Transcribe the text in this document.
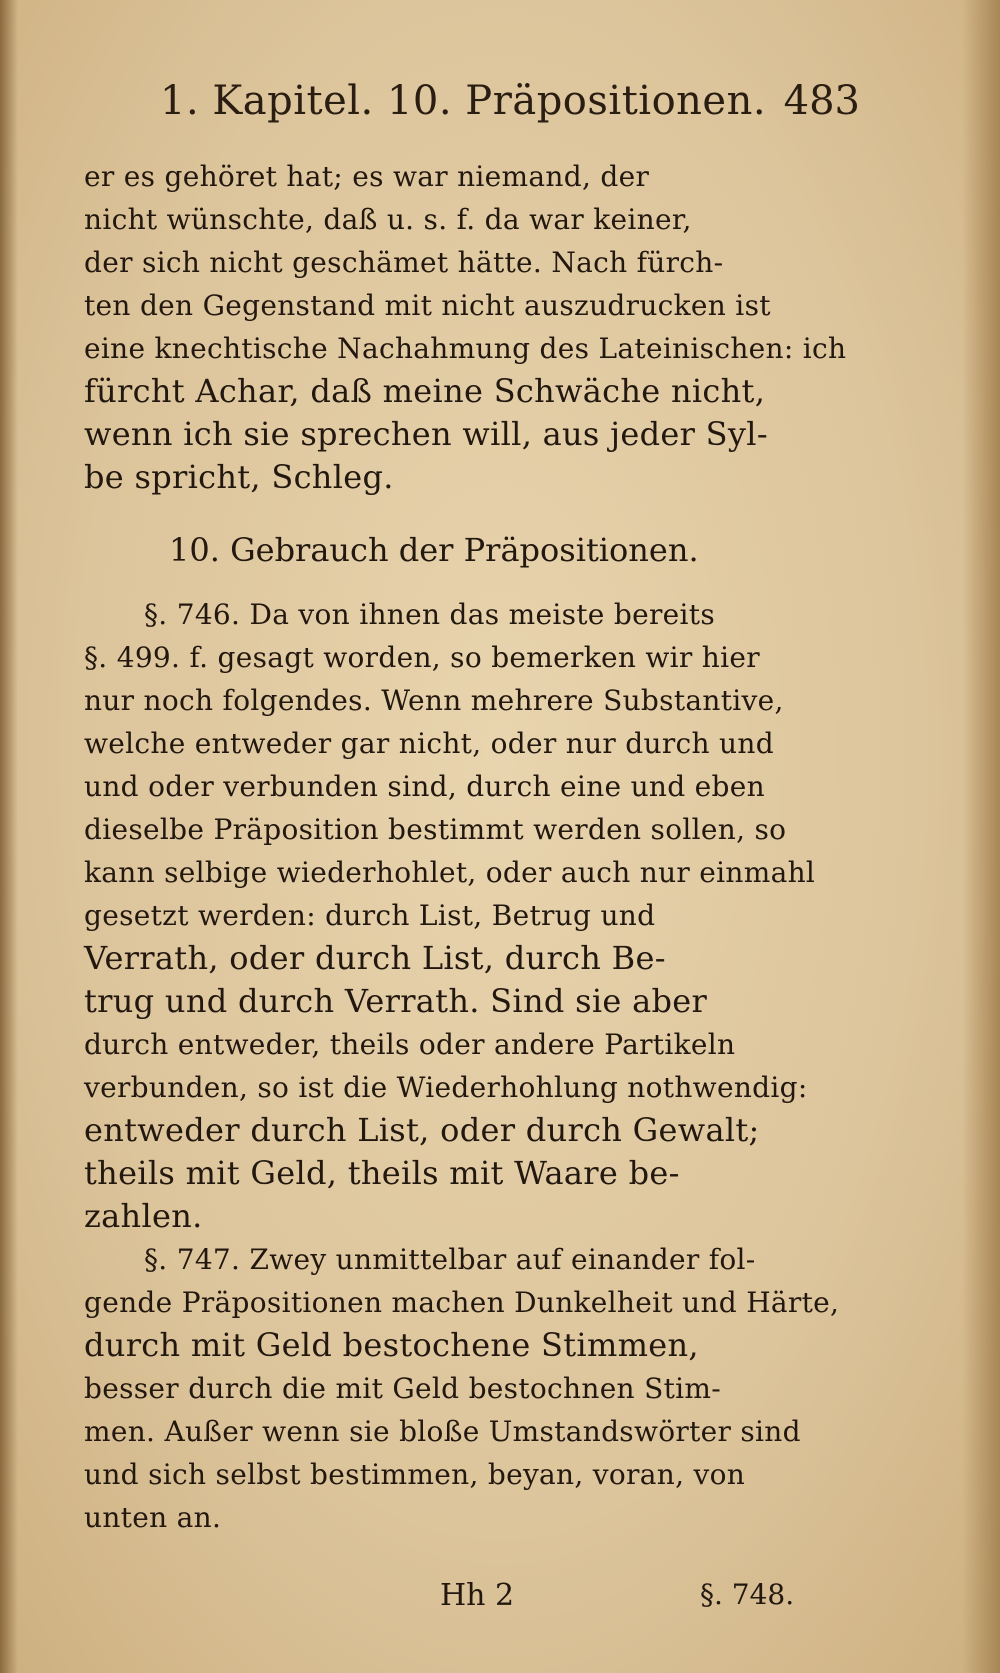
1. Kapitel. 10. Präpositionen. 483
er es gehöret hat; es war niemand, der
nicht wünschte, daß u. s. f. da war keiner,
der sich nicht geschämet hätte. Nach fürch-
ten den Gegenstand mit nicht auszudrucken ist
eine knechtische Nachahmung des Lateinischen: ich
fürcht Achar, daß meine Schwäche nicht,
wenn ich sie sprechen will, aus jeder Syl-
be spricht, Schleg.
10. Gebrauch der Präpositionen.
§. 746. Da von ihnen das meiste bereits
§. 499. f. gesagt worden, so bemerken wir hier
nur noch folgendes. Wenn mehrere Substantive,
welche entweder gar nicht, oder nur durch und
und oder verbunden sind, durch eine und eben
dieselbe Präposition bestimmt werden sollen, so
kann selbige wiederhohlet, oder auch nur einmahl
gesetzt werden: durch List, Betrug und
Verrath, oder durch List, durch Be-
trug und durch Verrath. Sind sie aber
durch entweder, theils oder andere Partikeln
verbunden, so ist die Wiederhohlung nothwendig:
entweder durch List, oder durch Gewalt;
theils mit Geld, theils mit Waare be-
zahlen.
§. 747. Zwey unmittelbar auf einander fol-
gende Präpositionen machen Dunkelheit und Härte,
durch mit Geld bestochene Stimmen,
besser durch die mit Geld bestochnen Stim-
men. Außer wenn sie bloße Umstandswörter sind
und sich selbst bestimmen, beyan, voran, von
unten an.
Hh 2	§. 748.
